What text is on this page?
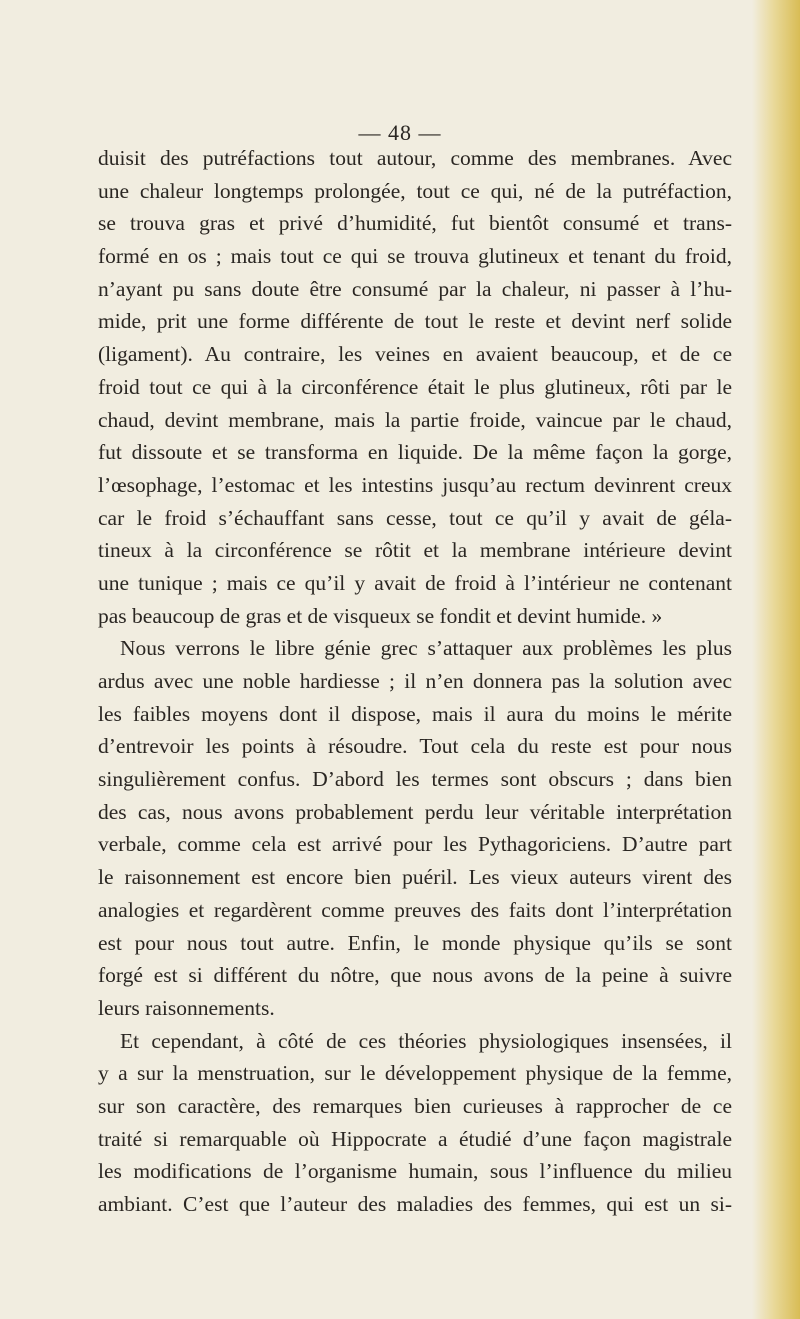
— 48 —
duisit des putréfactions tout autour, comme des membranes. Avec
une chaleur longtemps prolongée, tout ce qui, né de la putréfaction,
se trouva gras et privé d’humidité, fut bientôt consumé et trans-
formé en os ; mais tout ce qui se trouva glutineux et tenant du froid,
n’ayant pu sans doute être consumé par la chaleur, ni passer à l’hu-
mide, prit une forme différente de tout le reste et devint nerf solide
(ligament). Au contraire, les veines en avaient beaucoup, et de ce
froid tout ce qui à la circonférence était le plus glutineux, rôti par le
chaud, devint membrane, mais la partie froide, vaincue par le chaud,
fut dissoute et se transforma en liquide. De la même façon la gorge,
l’œsophage, l’estomac et les intestins jusqu’au rectum devinrent creux
car le froid s’échauffant sans cesse, tout ce qu’il y avait de géla-
tineux à la circonférence se rôtit et la membrane intérieure devint
une tunique ; mais ce qu’il y avait de froid à l’intérieur ne contenant
pas beaucoup de gras et de visqueux se fondit et devint humide. »
Nous verrons le libre génie grec s’attaquer aux problèmes les plus
ardus avec une noble hardiesse ; il n’en donnera pas la solution avec
les faibles moyens dont il dispose, mais il aura du moins le mérite
d’entrevoir les points à résoudre. Tout cela du reste est pour nous
singulièrement confus. D’abord les termes sont obscurs ; dans bien
des cas, nous avons probablement perdu leur véritable interprétation
verbale, comme cela est arrivé pour les Pythagoriciens. D’autre part
le raisonnement est encore bien puéril. Les vieux auteurs virent des
analogies et regardèrent comme preuves des faits dont l’interprétation
est pour nous tout autre. Enfin, le monde physique qu’ils se sont
forgé est si différent du nôtre, que nous avons de la peine à suivre
leurs raisonnements.
Et cependant, à côté de ces théories physiologiques insensées, il
y a sur la menstruation, sur le développement physique de la femme,
sur son caractère, des remarques bien curieuses à rapprocher de ce
traité si remarquable où Hippocrate a étudié d’une façon magistrale
les modifications de l’organisme humain, sous l’influence du milieu
ambiant. C’est que l’auteur des maladies des femmes, qui est un si-
